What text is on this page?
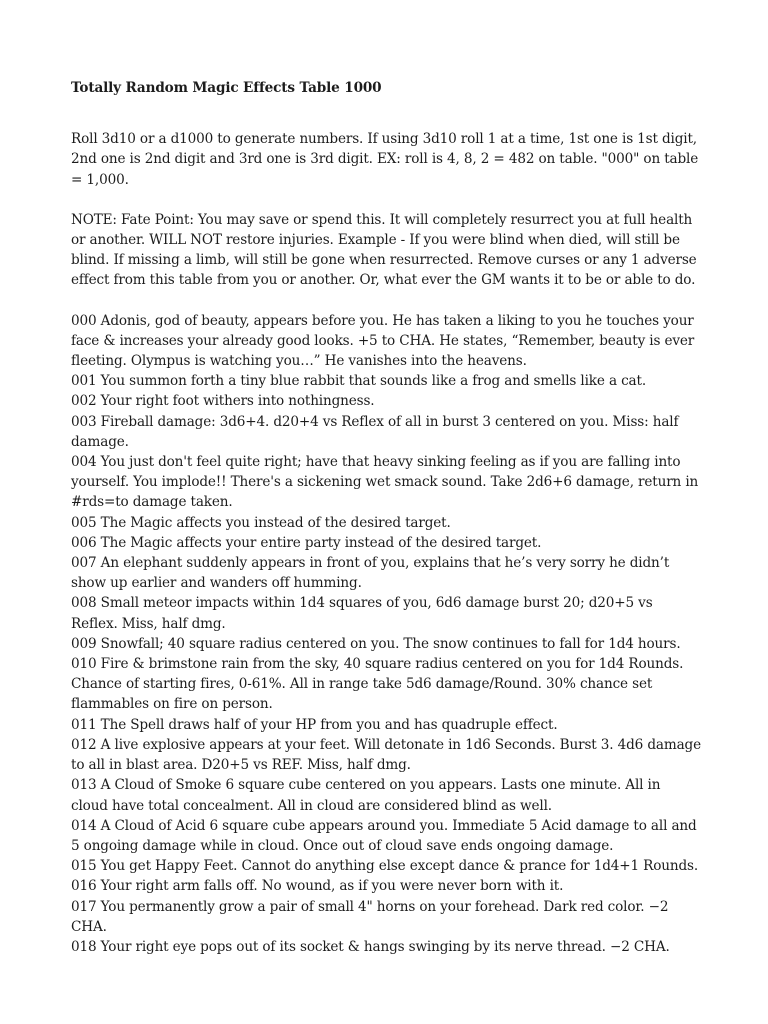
Totally Random Magic Effects Table 1000
Roll 3d10 or a d1000 to generate numbers. If using 3d10 roll 1 at a time, 1st one is 1st digit, 2nd one is 2nd digit and 3rd one is 3rd digit. EX: roll is 4, 8, 2 = 482 on table. "000" on table = 1,000.
NOTE: Fate Point: You may save or spend this. It will completely resurrect you at full health or another. WILL NOT restore injuries. Example - If you were blind when died, will still be blind. If missing a limb, will still be gone when resurrected. Remove curses or any 1 adverse effect from this table from you or another. Or, what ever the GM wants it to be or able to do.
000 Adonis, god of beauty, appears before you. He has taken a liking to you he touches your face & increases your already good looks. +5 to CHA. He states, “Remember, beauty is ever fleeting. Olympus is watching you…” He vanishes into the heavens.
001 You summon forth a tiny blue rabbit that sounds like a frog and smells like a cat.
002 Your right foot withers into nothingness.
003 Fireball damage: 3d6+4. d20+4 vs Reflex of all in burst 3 centered on you. Miss: half damage.
004 You just don't feel quite right; have that heavy sinking feeling as if you are falling into yourself. You implode!! There's a sickening wet smack sound. Take 2d6+6 damage, return in #rds=to damage taken.
005 The Magic affects you instead of the desired target.
006 The Magic affects your entire party instead of the desired target.
007 An elephant suddenly appears in front of you, explains that he’s very sorry he didn’t show up earlier and wanders off humming.
008 Small meteor impacts within 1d4 squares of you, 6d6 damage burst 20; d20+5 vs Reflex. Miss, half dmg.
009 Snowfall; 40 square radius centered on you. The snow continues to fall for 1d4 hours.
010 Fire & brimstone rain from the sky, 40 square radius centered on you for 1d4 Rounds. Chance of starting fires, 0-61%. All in range take 5d6 damage/Round. 30% chance set flammables on fire on person.
011 The Spell draws half of your HP from you and has quadruple effect.
012 A live explosive appears at your feet. Will detonate in 1d6 Seconds. Burst 3. 4d6 damage to all in blast area. D20+5 vs REF. Miss, half dmg.
013 A Cloud of Smoke 6 square cube centered on you appears. Lasts one minute. All in cloud have total concealment. All in cloud are considered blind as well.
014 A Cloud of Acid 6 square cube appears around you. Immediate 5 Acid damage to all and 5 ongoing damage while in cloud. Once out of cloud save ends ongoing damage.
015 You get Happy Feet. Cannot do anything else except dance & prance for 1d4+1 Rounds.
016 Your right arm falls off. No wound, as if you were never born with it.
017 You permanently grow a pair of small 4" horns on your forehead. Dark red color. −2 CHA.
018 Your right eye pops out of its socket & hangs swinging by its nerve thread. −2 CHA.
